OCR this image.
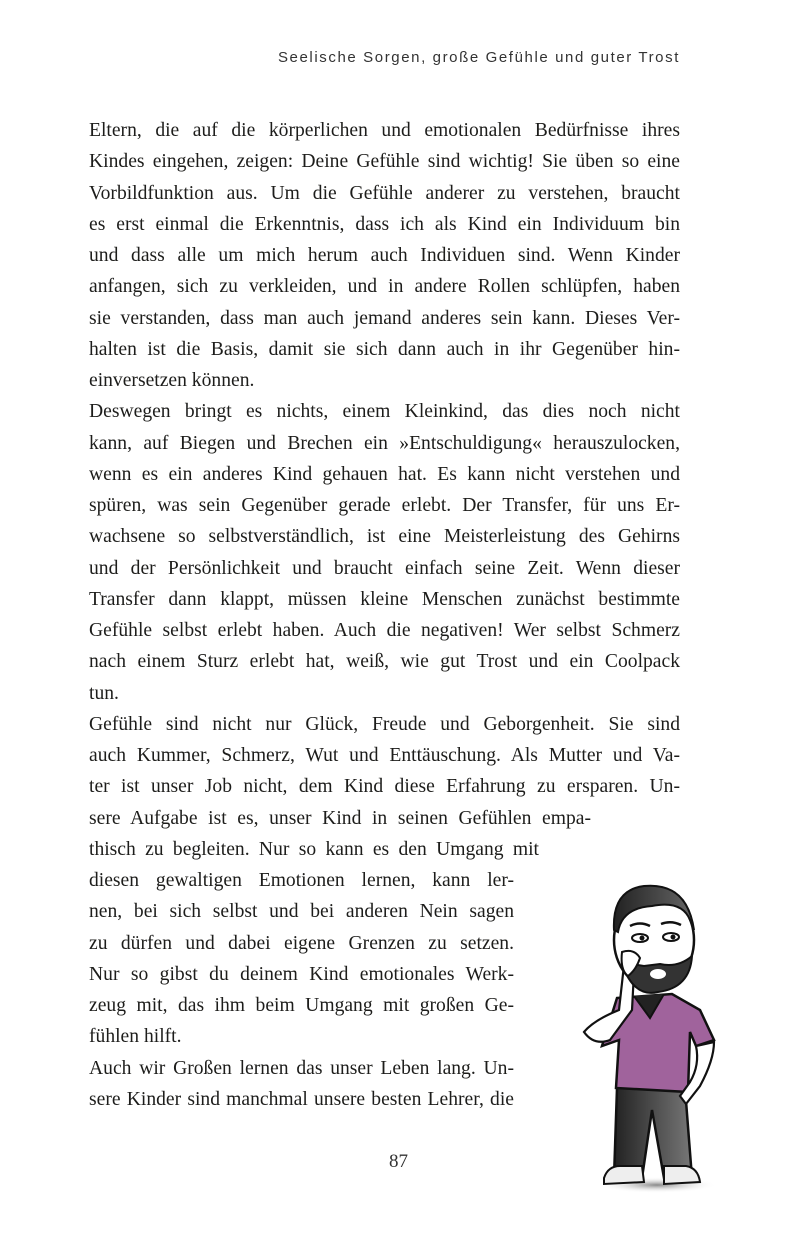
Seelische Sorgen, große Gefühle und guter Trost
Eltern, die auf die körperlichen und emotionalen Bedürfnisse ihres
Kindes eingehen, zeigen: Deine Gefühle sind wichtig! Sie üben so eine
Vorbildfunktion aus. Um die Gefühle anderer zu verstehen, braucht
es erst einmal die Erkenntnis, dass ich als Kind ein Individuum bin
und dass alle um mich herum auch Individuen sind. Wenn Kinder
anfangen, sich zu verkleiden, und in andere Rollen schlüpfen, haben
sie verstanden, dass man auch jemand anderes sein kann. Dieses Ver-
halten ist die Basis, damit sie sich dann auch in ihr Gegenüber hin-
einversetzen können.
Deswegen bringt es nichts, einem Kleinkind, das dies noch nicht
kann, auf Biegen und Brechen ein »Entschuldigung« herauszulocken,
wenn es ein anderes Kind gehauen hat. Es kann nicht verstehen und
spüren, was sein Gegenüber gerade erlebt. Der Transfer, für uns Er-
wachsene so selbstverständlich, ist eine Meisterleistung des Gehirns
und der Persönlichkeit und braucht einfach seine Zeit. Wenn dieser
Transfer dann klappt, müssen kleine Menschen zunächst bestimmte
Gefühle selbst erlebt haben. Auch die negativen! Wer selbst Schmerz
nach einem Sturz erlebt hat, weiß, wie gut Trost und ein Coolpack
tun.
Gefühle sind nicht nur Glück, Freude und Geborgenheit. Sie sind
auch Kummer, Schmerz, Wut und Enttäuschung. Als Mutter und Va-
ter ist unser Job nicht, dem Kind diese Erfahrung zu ersparen. Un-
sere Aufgabe ist es, unser Kind in seinen Gefühlen empa-
thisch zu begleiten. Nur so kann es den Umgang mit
diesen gewaltigen Emotionen lernen, kann ler-
nen, bei sich selbst und bei anderen Nein sagen
zu dürfen und dabei eigene Grenzen zu setzen.
Nur so gibst du deinem Kind emotionales Werk-
zeug mit, das ihm beim Umgang mit großen Ge-
fühlen hilft.
Auch wir Großen lernen das unser Leben lang. Un-
sere Kinder sind manchmal unsere besten Lehrer, die
87
